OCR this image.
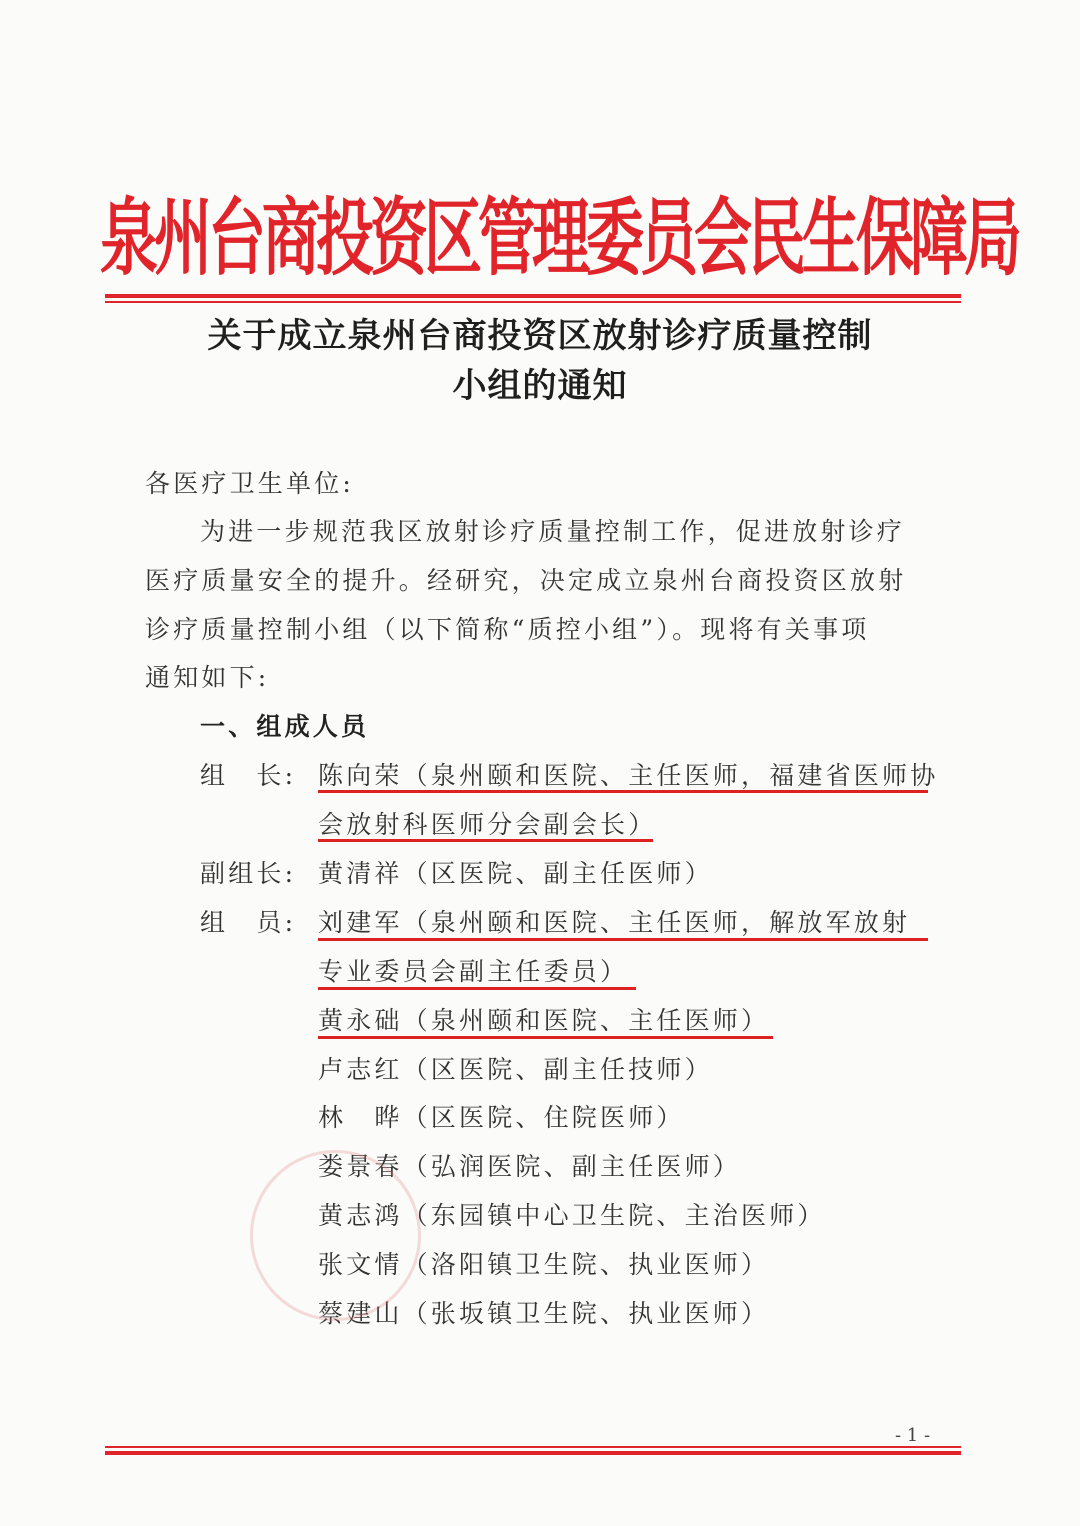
泉州台商投资区管理委员会民生保障局
关于成立泉州台商投资区放射诊疗质量控制
小组的通知
各医疗卫生单位:
为进一步规范我区放射诊疗质量控制工作，促进放射诊疗
医疗质量安全的提升。经研究，决定成立泉州台商投资区放射
诊疗质量控制小组（以下简称“质控小组”）。现将有关事项
通知如下:
一、组成人员
组　长: 陈向荣（泉州颐和医院、主任医师，福建省医师协
会放射科医师分会副会长）
副组长: 黄清祥（区医院、副主任医师）
组　员: 刘建军（泉州颐和医院、主任医师，解放军放射
专业委员会副主任委员）
黄永础（泉州颐和医院、主任医师）
卢志红（区医院、副主任技师）
林　晔（区医院、住院医师）
娄景春（弘润医院、副主任医师）
黄志鸿（东园镇中心卫生院、主治医师）
张文情（洛阳镇卫生院、执业医师）
蔡建山（张坂镇卫生院、执业医师）
- 1 -
